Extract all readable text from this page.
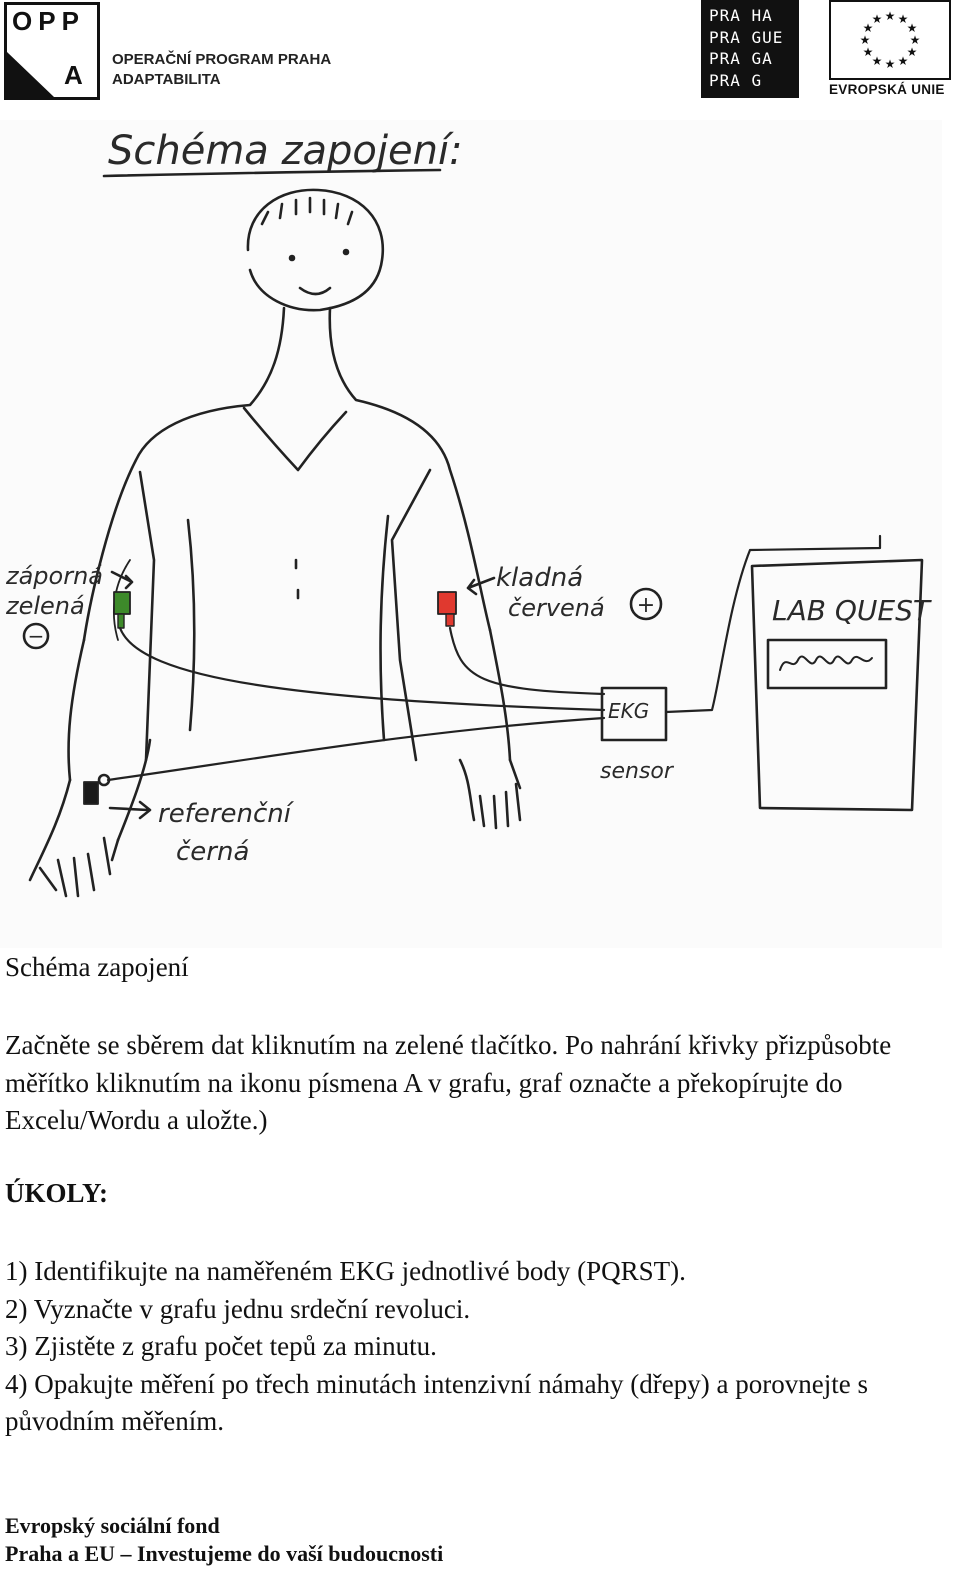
OPP
A
OPERAČNÍ PROGRAM PRAHA
ADAPTABILITA
PRA HA
PRA GUE
PRA GA
PRA G
★ ★
★
★
★
★
★
★
★
★
★
★
EVROPSKÁ UNIE
Schéma zapojení:
EKG
sensor
LAB QUEST
záporná
zelená
−
kladná
červená +
referenční
černá
Schéma zapojení

Začněte se sběrem dat kliknutím na zelené tlačítko. Po nahrání křivky přizpůsobte měřítko kliknutím na ikonu písmena A v grafu, graf označte a překopírujte do Excelu/Wordu a uložte.)

ÚKOLY:
1) Identifikujte na naměřeném EKG jednotlivé body (PQRST).
2) Vyznačte v grafu jednu srdeční revoluci.
3) Zjistěte z grafu počet tepů za minutu.
4) Opakujte měření po třech minutách intenzivní námahy (dřepy) a porovnejte s původním měřením.
Evropský sociální fond
Praha a EU – Investujeme do vaší budoucnosti
